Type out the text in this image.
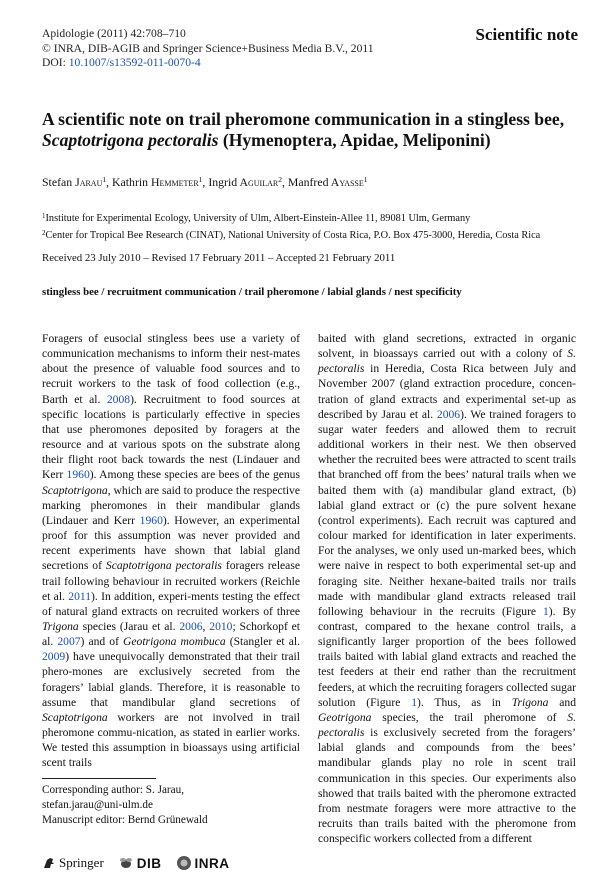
Apidologie (2011) 42:708–710
© INRA, DIB-AGIB and Springer Science+Business Media B.V., 2011
DOI: 10.1007/s13592-011-0070-4
Scientific note
A scientific note on trail pheromone communication in a stingless bee, Scaptotrigona pectoralis (Hymenoptera, Apidae, Meliponini)
Stefan Jarau$^1$, Kathrin Hemmeter$^1$, Ingrid Aguilar$^2$, Manfred Ayasse$^1$
$^1$Institute for Experimental Ecology, University of Ulm, Albert-Einstein-Allee 11, 89081 Ulm, Germany
$^2$Center for Tropical Bee Research (CINAT), National University of Costa Rica, P.O. Box 475-3000, Heredia, Costa Rica
Received 23 July 2010 – Revised 17 February 2011 – Accepted 21 February 2011
stingless bee / recruitment communication / trail pheromone / labial glands / nest specificity
Foragers of eusocial stingless bees use a variety of communication mechanisms to inform their nest-mates about the presence of valuable food sources and to recruit workers to the task of food collection (e.g., Barth et al. 2008). Recruitment to food sources at specific locations is particularly effective in species that use pheromones deposited by foragers at the resource and at various spots on the substrate along their flight root back towards the nest (Lindauer and Kerr 1960). Among these species are bees of the genus Scaptotrigona, which are said to produce the respective marking pheromones in their mandibular glands (Lindauer and Kerr 1960). However, an experimental proof for this assumption was never provided and recent experiments have shown that labial gland secretions of Scaptotrigona pectoralis foragers release trail following behaviour in recruited workers (Reichle et al. 2011). In addition, experi-ments testing the effect of natural gland extracts on recruited workers of three Trigona species (Jarau et al. 2006, 2010; Schorkopf et al. 2007) and of Geotrigona mombuca (Stangler et al. 2009) have unequivocally demonstrated that their trail phero-mones are exclusively secreted from the foragers’ labial glands. Therefore, it is reasonable to assume that mandibular gland secretions of Scaptotrigona workers are not involved in trail pheromone commu-nication, as stated in earlier works. We tested this assumption in bioassays using artificial scent trails
baited with gland secretions, extracted in organic solvent, in bioassays carried out with a colony of S. pectoralis in Heredia, Costa Rica between July and November 2007 (gland extraction procedure, concen-tration of gland extracts and experimental set-up as described by Jarau et al. 2006). We trained foragers to sugar water feeders and allowed them to recruit additional workers in their nest. We then observed whether the recruited bees were attracted to scent trails that branched off from the bees’ natural trails when we baited them with (a) mandibular gland extract, (b) labial gland extract or (c) the pure solvent hexane (control experiments). Each recruit was captured and colour marked for identification in later experiments. For the analyses, we only used un-marked bees, which were naive in respect to both experimental set-up and foraging site. Neither hexane-baited trails nor trails made with mandibular gland extracts released trail following behaviour in the recruits (Figure 1). By contrast, compared to the hexane control trails, a significantly larger proportion of the bees followed trails baited with labial gland extracts and reached the test feeders at their end rather than the recruitment feeders, at which the recruiting foragers collected sugar solution (Figure 1). Thus, as in Trigona and Geotrigona species, the trail pheromone of S. pectoralis is exclusively secreted from the foragers’ labial glands and compounds from the bees’ mandibular glands play no role in scent trail communication in this species. Our experiments also showed that trails baited with the pheromone extracted from nestmate foragers were more attractive to the recruits than trails baited with the pheromone from conspecific workers collected from a different
Corresponding author: S. Jarau,
stefan.jarau@uni-ulm.de
Manuscript editor: Bernd Grünewald
Springer DIB INRA
